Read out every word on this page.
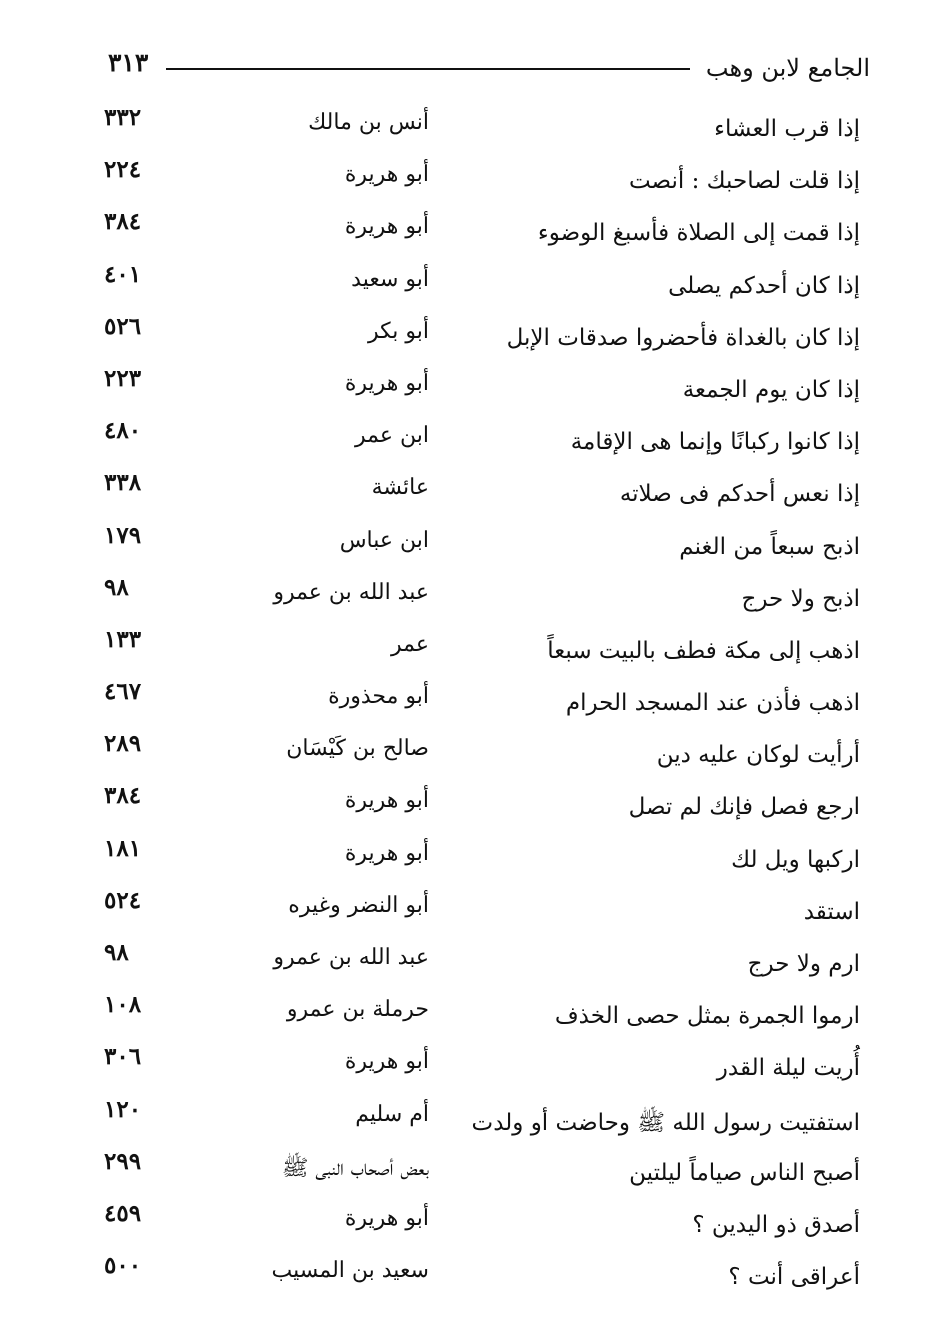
الجامع لابن وهب
٣١٣
إذا قرب العشاء
أنس بن مالك
٣٣٢
إذا قلت لصاحبك : أنصت
أبو هريرة
٢٢٤
إذا قمت إلى الصلاة فأسبغ الوضوء
أبو هريرة
٣٨٤
إذا كان أحدكم يصلى
أبو سعيد
٤٠١
إذا كان بالغداة فأحضروا صدقات الإبل
أبو بكر
٥٢٦
إذا كان يوم الجمعة
أبو هريرة
٢٢٣
إذا كانوا ركبانًا وإنما هى الإقامة
ابن عمر
٤٨٠
إذا نعس أحدكم فى صلاته
عائشة
٣٣٨
اذبح سبعاً من الغنم
ابن عباس
١٧٩
اذبح ولا حرج
عبد الله بن عمرو
٩٨
اذهب إلى مكة فطف بالبيت سبعاً
عمر
١٣٣
اذهب فأذن عند المسجد الحرام
أبو محذورة
٤٦٧
أرأيت لوكان عليه دين
صالح بن كَيْسَان
٢٨٩
ارجع فصل فإنك لم تصل
أبو هريرة
٣٨٤
اركبها ويل لك
أبو هريرة
١٨١
استقد
أبو النضر وغيره
٥٢٤
ارم ولا حرج
عبد الله بن عمرو
٩٨
ارموا الجمرة بمثل حصى الخذف
حرملة بن عمرو
١٠٨
أُريت ليلة القدر
أبو هريرة
٣٠٦
استفتيت رسول الله ﷺ وحاضت أو ولدت
أم سليم
١٢٠
أصبح الناس صياماً ليلتين
بعض أصحاب النبى ﷺ
٢٩٩
أصدق ذو اليدين ؟
أبو هريرة
٤٥٩
أعراقى أنت ؟
سعيد بن المسيب
٥٠٠
